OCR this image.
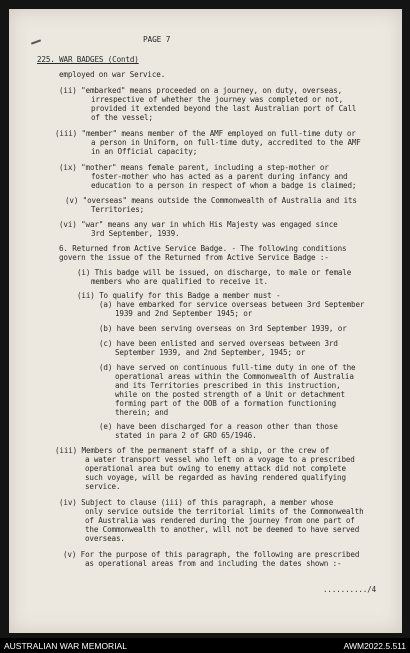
PAGE 7
225. WAR BADGES (Contd)
employed on war Service.
(ii) "embarked" means proceeded on a journey, on duty, overseas,
irrespective of whether the journey was completed or not,
provided it extended beyond the last Australian port of Call
of the vessel;
(iii) "member" means member of the AMF employed on full-time duty or
a person in Uniform, on full-time duty, accredited to the AMF
in an Official capacity;
(ix) "mother" means female parent, including a step-mother or
foster-mother who has acted as a parent during infancy and
education to a person in respect of whom a badge is claimed;
(v) "overseas" means outside the Commonwealth of Australia and its
Territories;
(vi) "war" means any war in which His Majesty was engaged since
3rd September, 1939.
6. Returned from Active Service Badge. - The following conditions
govern the issue of the Returned from Active Service Badge :-
(i) This badge will be issued, on discharge, to male or female
members who are qualified to receive it.
(ii) To qualify for this Badge a member must -
(a) have embarked for service overseas between 3rd September
1939 and 2nd September 1945; or
(b) have been serving overseas on 3rd September 1939, or
(c) have been enlisted and served overseas between 3rd
September 1939, and 2nd September, 1945; or
(d) have served on continuous full-time duty in one of the
operational areas within the Commonwealth of Australia
and its Territories prescribed in this instruction,
while on the posted strength of a Unit or detachment
forming part of the OOB of a formation functioning
therein; and
(e) have been discharged for a reason other than those
stated in para 2 of GRO 65/1946.
(iii) Members of the permanent staff of a ship, or the crew of
a water transport vessel who left on a voyage to a prescribed
operational area but owing to enemy attack did not complete
such voyage, will be regarded as having rendered qualifying
service.
(iv) Subject to clause (iii) of this paragraph, a member whose
only service outside the territorial limits of the Commonwealth
of Australia was rendered during the journey from one part of
the Commonwealth to another, will not be deemed to have served
overseas.
(v) For the purpose of this paragraph, the following are prescribed
as operational areas from and including the dates shown :-
........../4
AUSTRALIAN WAR MEMORIAL	AWM2022.5.511
